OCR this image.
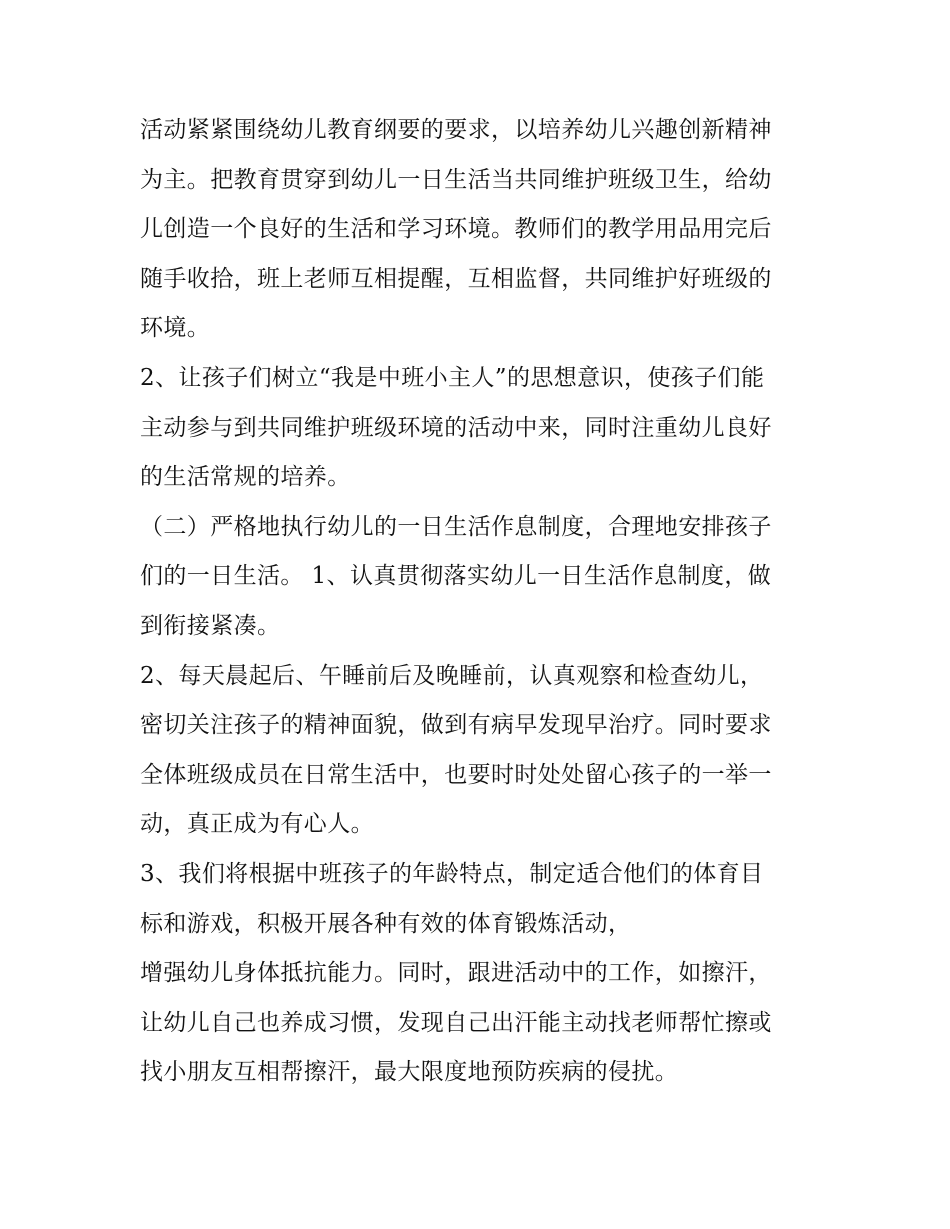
活动紧紧围绕幼儿教育纲要的要求，以培养幼儿兴趣创新精神
为主。把教育贯穿到幼儿一日生活当共同维护班级卫生，给幼
儿创造一个良好的生活和学习环境。教师们的教学用品用完后
随手收拾，班上老师互相提醒，互相监督，共同维护好班级的
环境。
2、让孩子们树立“我是中班小主人”的思想意识，使孩子们能
主动参与到共同维护班级环境的活动中来，同时注重幼儿良好
的生活常规的培养。
（二）严格地执行幼儿的一日生活作息制度，合理地安排孩子
们的一日生活。 1、认真贯彻落实幼儿一日生活作息制度，做
到衔接紧凑。
2、每天晨起后、午睡前后及晚睡前，认真观察和检查幼儿，
密切关注孩子的精神面貌，做到有病早发现早治疗。同时要求
全体班级成员在日常生活中，也要时时处处留心孩子的一举一
动，真正成为有心人。
3、我们将根据中班孩子的年龄特点，制定适合他们的体育目
标和游戏，积极开展各种有效的体育锻炼活动，
增强幼儿身体抵抗能力。同时，跟进活动中的工作，如擦汗，
让幼儿自己也养成习惯，发现自己出汗能主动找老师帮忙擦或
找小朋友互相帮擦汗，最大限度地预防疾病的侵扰。
